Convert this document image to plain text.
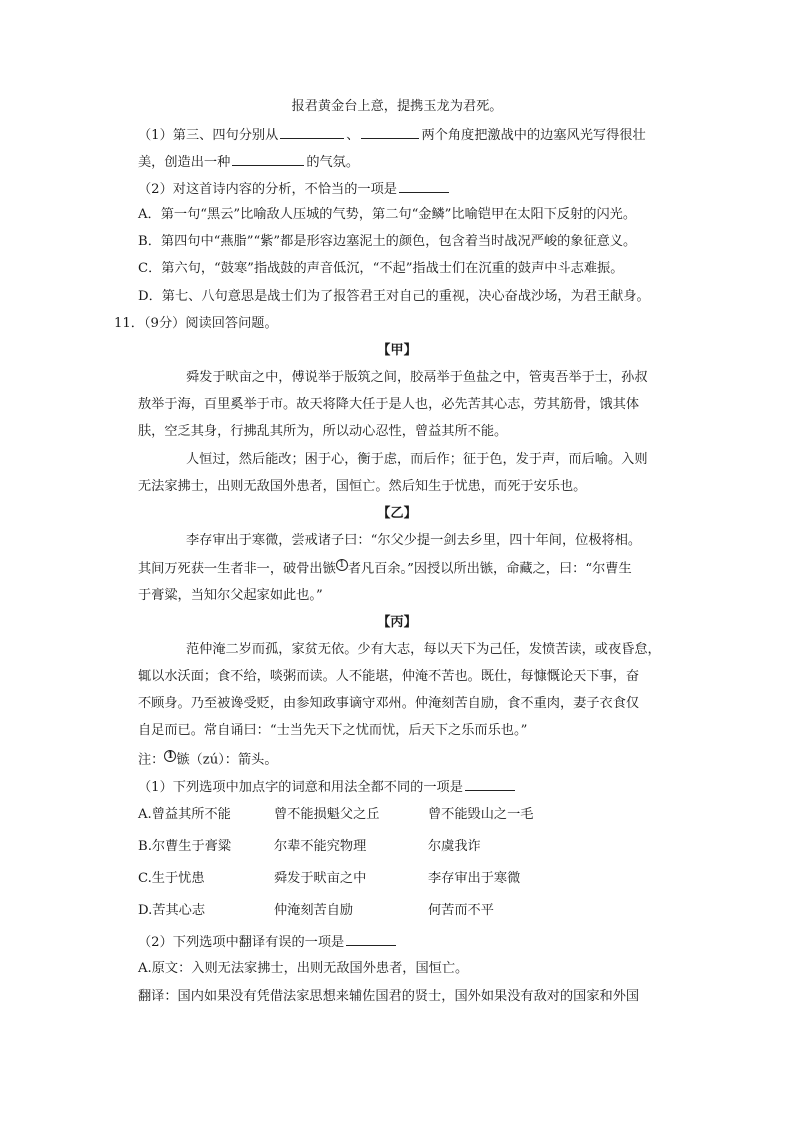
报君黄金台上意，提携玉龙为君死。
（1）第三、四句分别从	、	两个角度把激战中的边塞风光写得很壮
美，创造出一种	的气氛。
（2）对这首诗内容的分析，不恰当的一项是
A．第一句“黑云”比喻敌人压城的气势，第二句“金鳞”比喻铠甲在太阳下反射的闪光。
B．第四句中“燕脂”“紫”都是形容边塞泥土的颜色，包含着当时战况严峻的象征意义。
C．第六句，“鼓寒”指战鼓的声音低沉，“不起”指战士们在沉重的鼓声中斗志难振。
D．第七、八句意思是战士们为了报答君王对自己的重视，决心奋战沙场，为君王献身。
11．（9分）阅读回答问题。
【甲】
舜发于畎亩之中，傅说举于版筑之间，胶鬲举于鱼盐之中，管夷吾举于士，孙叔
敖举于海，百里奚举于市。故天将降大任于是人也，必先苦其心志，劳其筋骨，饿其体
肤，空乏其身，行拂乱其所为，所以动心忍性，曾益其所不能。
人恒过，然后能改；困于心，衡于虑，而后作；征于色，发于声，而后喻。入则
无法家拂士，出则无敌国外患者，国恒亡。然后知生于忧患，而死于安乐也。
【乙】
李存审出于寒微，尝戒诸子曰：“尔父少提一剑去乡里，四十年间，位极将相。
其间万死获一生者非一，破骨出镞 1 者凡百余。”因授以所出镞，命藏之，曰：“尔曹生
于膏粱，当知尔父起家如此也。”
【丙】
范仲淹二岁而孤，家贫无依。少有大志，每以天下为己任，发愤苦读，或夜昏怠，
辄以水沃面；食不给，啖粥而读。人不能堪，仲淹不苦也。既仕，每慷慨论天下事，奋
不顾身。乃至被谗受贬，由参知政事谪守邓州。仲淹刻苦自励，食不重肉，妻子衣食仅
自足而已。常自诵曰：“士当先天下之忧而忧，后天下之乐而乐也。”
注： 1 镞（zú）：箭头。
（1）下列选项中加点字的词意和用法全都不同的一项是
A.曾益其所不能	曾不能损魁父之丘	曾不能毁山之一毛
B.尔曹生于膏粱	尔辈不能究物理	尔虞我诈
C.生于忧患	舜发于畎亩之中	李存审出于寒微
D.苦其心志	仲淹刻苦自励	何苦而不平
（2）下列选项中翻译有误的一项是
A.原文：入则无法家拂士，出则无敌国外患者，国恒亡。
翻译：国内如果没有凭借法家思想来辅佐国君的贤士，国外如果没有敌对的国家和外国
